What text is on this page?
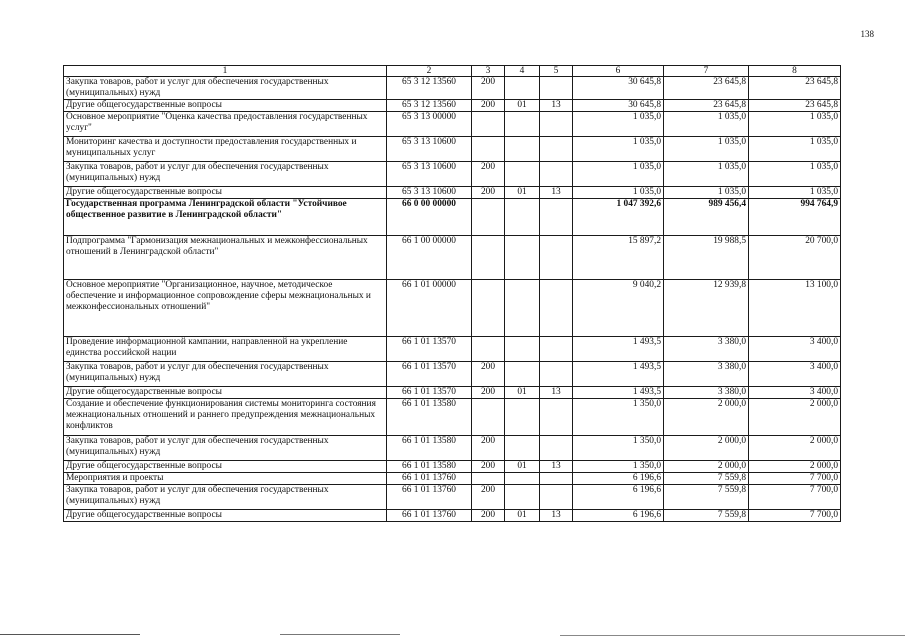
138
1	2	3	4	5	6	7	8
Закупка товаров, работ и услуг для обеспечения государственных (муниципальных) нужд	65 3 12 13560	200			30 645,8	23 645,8	23 645,8
Другие общегосударственные вопросы	65 3 12 13560	200	01	13	30 645,8	23 645,8	23 645,8
Основное мероприятие "Оценка качества предоставления государственных услуг"	65 3 13 00000				1 035,0	1 035,0	1 035,0
Мониторинг качества и доступности предоставления государственных и муниципальных услуг	65 3 13 10600				1 035,0	1 035,0	1 035,0
Закупка товаров, работ и услуг для обеспечения государственных (муниципальных) нужд	65 3 13 10600	200			1 035,0	1 035,0	1 035,0
Другие общегосударственные вопросы	65 3 13 10600	200	01	13	1 035,0	1 035,0	1 035,0
Государственная программа Ленинградской области "Устойчивое общественное развитие в Ленинградской области"	66 0 00 00000				1 047 392,6	989 456,4	994 764,9
Подпрограмма "Гармонизация межнациональных и межконфессиональных отношений в Ленинградской области"	66 1 00 00000				15 897,2	19 988,5	20 700,0
Основное мероприятие "Организационное, научное, методическое обеспечение и информационное сопровождение сферы межнациональных и межконфессиональных отношений"	66 1 01 00000				9 040,2	12 939,8	13 100,0
Проведение информационной кампании, направленной на укрепление единства российской нации	66 1 01 13570				1 493,5	3 380,0	3 400,0
Закупка товаров, работ и услуг для обеспечения государственных (муниципальных) нужд	66 1 01 13570	200			1 493,5	3 380,0	3 400,0
Другие общегосударственные вопросы	66 1 01 13570	200	01	13	1 493,5	3 380,0	3 400,0
Создание и обеспечение функционирования системы мониторинга состояния межнациональных отношений и раннего предупреждения межнациональных конфликтов	66 1 01 13580				1 350,0	2 000,0	2 000,0
Закупка товаров, работ и услуг для обеспечения государственных (муниципальных) нужд	66 1 01 13580	200			1 350,0	2 000,0	2 000,0
Другие общегосударственные вопросы	66 1 01 13580	200	01	13	1 350,0	2 000,0	2 000,0
Мероприятия и проекты	66 1 01 13760				6 196,6	7 559,8	7 700,0
Закупка товаров, работ и услуг для обеспечения государственных (муниципальных) нужд	66 1 01 13760	200			6 196,6	7 559,8	7 700,0
Другие общегосударственные вопросы	66 1 01 13760	200	01	13	6 196,6	7 559,8	7 700,0
